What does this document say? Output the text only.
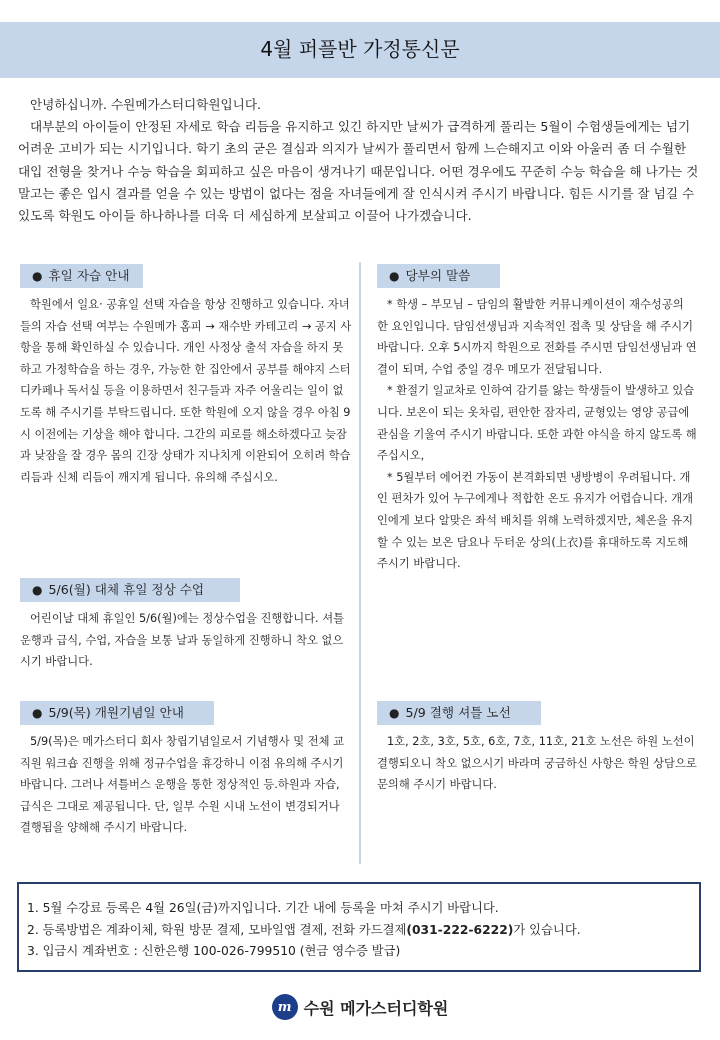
4월 퍼플반 가정통신문

안녕하십니까. 수원메가스터디학원입니다.

대부분의 아이들이 안정된 자세로 학습 리듬을 유지하고 있긴 하지만 날씨가 급격하게 풀리는 5월이 수험생들에게는 넘기 어려운 고비가 되는 시기입니다. 학기 초의 굳은 결심과 의지가 날씨가 풀리면서 함께 느슨해지고 이와 아울러 좀 더 수월한 대입 전형을 찾거나 수능 학습을 회피하고 싶은 마음이 생겨나기 때문입니다. 어떤 경우에도 꾸준히 수능 학습을 해 나가는 것 말고는 좋은 입시 결과를 얻을 수 있는 방법이 없다는 점을 자녀들에게 잘 인식시켜 주시기 바랍니다. 힘든 시기를 잘 넘길 수 있도록 학원도 아이들 하나하나를 더욱 더 세심하게 보살피고 이끌어 나가겠습니다.

● 휴일 자습 안내
학원에서 일요· 공휴일 선택 자습을 항상 진행하고 있습니다. 자녀들의 자습 선택 여부는 수원메가 홈피 → 재수반 카테고리 → 공지 사항을 통해 확인하실 수 있습니다. 개인 사정상 출석 자습을 하지 못하고 가정학습을 하는 경우, 가능한 한 집안에서 공부를 해야지 스터디카페나 독서실 등을 이용하면서 친구들과 자주 어울리는 일이 없도록 해 주시기를 부탁드립니다. 또한 학원에 오지 않을 경우 아침 9시 이전에는 기상을 해야 합니다. 그간의 피로를 해소하겠다고 늦잠과 낮잠을 잘 경우 몸의 긴장 상태가 지나치게 이완되어 오히려 학습 리듬과 신체 리듬이 깨지게 됩니다. 유의해 주십시오.
● 5/6(월) 대체 휴일 정상 수업
어린이날 대체 휴일인 5/6(월)에는 정상수업을 진행합니다. 셔틀 운행과 급식, 수업, 자습을 보통 날과 동일하게 진행하니 착오 없으시기 바랍니다.
● 5/9(목) 개원기념일 안내
5/9(목)은 메가스터디 회사 창립기념일로서 기념행사 및 전체 교직원 워크숍 진행을 위해 정규수업을 휴강하니 이점 유의해 주시기 바랍니다. 그러나 셔틀버스 운행을 통한 정상적인 등.하원과 자습, 급식은 그대로 제공됩니다. 단, 일부 수원 시내 노선이 변경되거나 결행됨을 양해해 주시기 바랍니다.
● 당부의 말씀
* 학생 – 부모님 – 담임의 활발한 커뮤니케이션이 재수성공의 한 요인입니다. 담임선생님과 지속적인 접촉 및 상담을 해 주시기 바랍니다. 오후 5시까지 학원으로 전화를 주시면 담임선생님과 연결이 되며, 수업 중일 경우 메모가 전달됩니다.
* 환절기 일교차로 인하여 감기를 앓는 학생들이 발생하고 있습니다. 보온이 되는 옷차림, 편안한 잠자리, 균형있는 영양 공급에 관심을 기울여 주시기 바랍니다. 또한 과한 야식을 하지 않도록 해 주십시오,
* 5월부터 에어컨 가동이 본격화되면 냉방병이 우려됩니다. 개인 편차가 있어 누구에게나 적합한 온도 유지가 어렵습니다. 개개인에게 보다 알맞은 좌석 배치를 위해 노력하겠지만, 체온을 유지할 수 있는 보온 담요나 두터운 상의(上衣)를 휴대하도록 지도해 주시기 바랍니다.
● 5/9 결행 셔틀 노선
1호, 2호, 3호, 5호, 6호, 7호, 11호, 21호 노선은 하원 노선이 결행되오니 착오 없으시기 바라며 궁금하신 사항은 학원 상담으로 문의해 주시기 바랍니다.
1. 5월 수강료 등록은 4월 26일(금)까지입니다. 기간 내에 등록을 마쳐 주시기 바랍니다.
2. 등록방법은 계좌이체, 학원 방문 결제, 모바일앱 결제, 전화 카드결제(031-222-6222)가 있습니다.
3. 입금시 계좌번호 : 신한은행 100-026-799510 (현금 영수증 발급)
m 수원 메가스터디학원
